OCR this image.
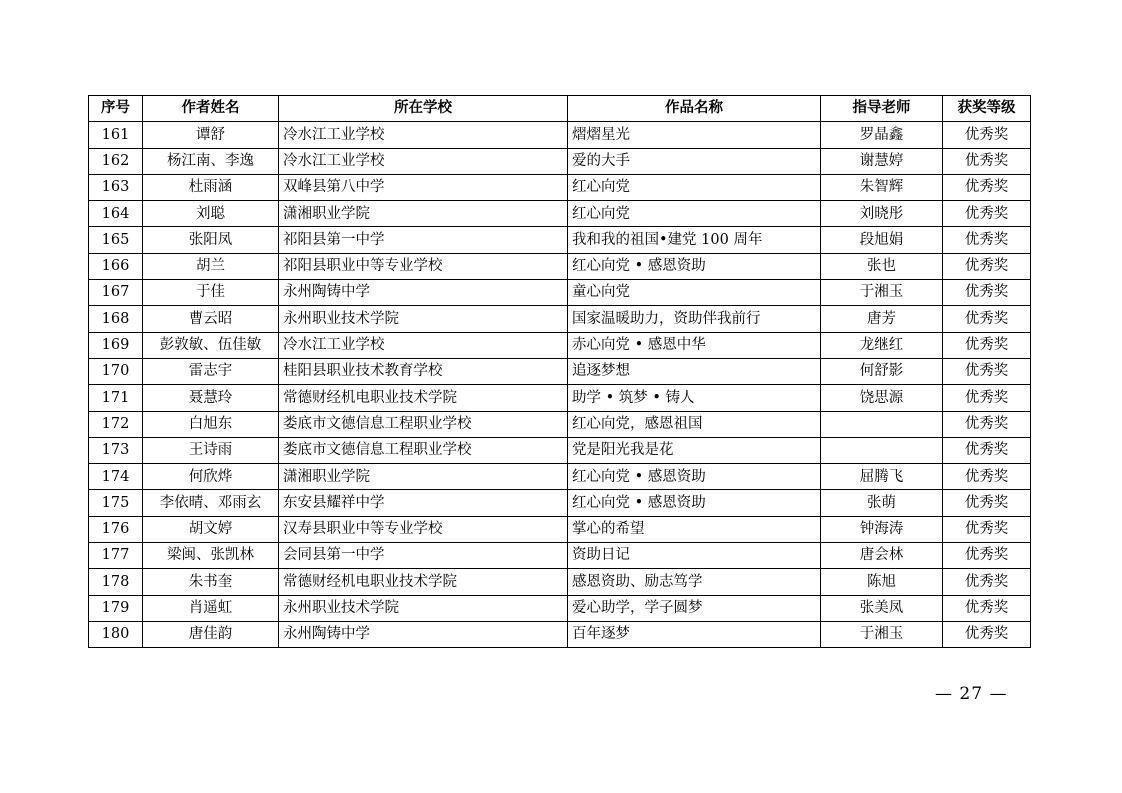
序号	作者姓名	所在学校	作品名称	指导老师	获奖等级
161	谭舒	冷水江工业学校	熠熠星光	罗晶鑫	优秀奖
162	杨江南、李逸	冷水江工业学校	爱的大手	谢慧婷	优秀奖
163	杜雨涵	双峰县第八中学	红心向党	朱智辉	优秀奖
164	刘聪	潇湘职业学院	红心向党	刘晓彤	优秀奖
165	张阳凤	祁阳县第一中学	我和我的祖国•建党 100 周年	段旭娟	优秀奖
166	胡兰	祁阳县职业中等专业学校	红心向党 • 感恩资助	张也	优秀奖
167	于佳	永州陶铸中学	童心向党	于湘玉	优秀奖
168	曹云昭	永州职业技术学院	国家温暖助力，资助伴我前行	唐芳	优秀奖
169	彭敦敏、伍佳敏	冷水江工业学校	赤心向党 • 感恩中华	龙继红	优秀奖
170	雷志宇	桂阳县职业技术教育学校	追逐梦想	何舒影	优秀奖
171	聂慧玲	常德财经机电职业技术学院	助学 • 筑梦 • 铸人	饶思源	优秀奖
172	白旭东	娄底市文德信息工程职业学校	红心向党，感恩祖国		优秀奖
173	王诗雨	娄底市文德信息工程职业学校	党是阳光我是花		优秀奖
174	何欣烨	潇湘职业学院	红心向党 • 感恩资助	屈腾飞	优秀奖
175	李依晴、邓雨玄	东安县耀祥中学	红心向党 • 感恩资助	张萌	优秀奖
176	胡文婷	汉寿县职业中等专业学校	掌心的希望	钟海涛	优秀奖
177	梁闽、张凯林	会同县第一中学	资助日记	唐会林	优秀奖
178	朱书奎	常德财经机电职业技术学院	感恩资助、励志笃学	陈旭	优秀奖
179	肖遥虹	永州职业技术学院	爱心助学，学子圆梦	张美凤	优秀奖
180	唐佳韵	永州陶铸中学	百年逐梦	于湘玉	优秀奖
— 27 —
